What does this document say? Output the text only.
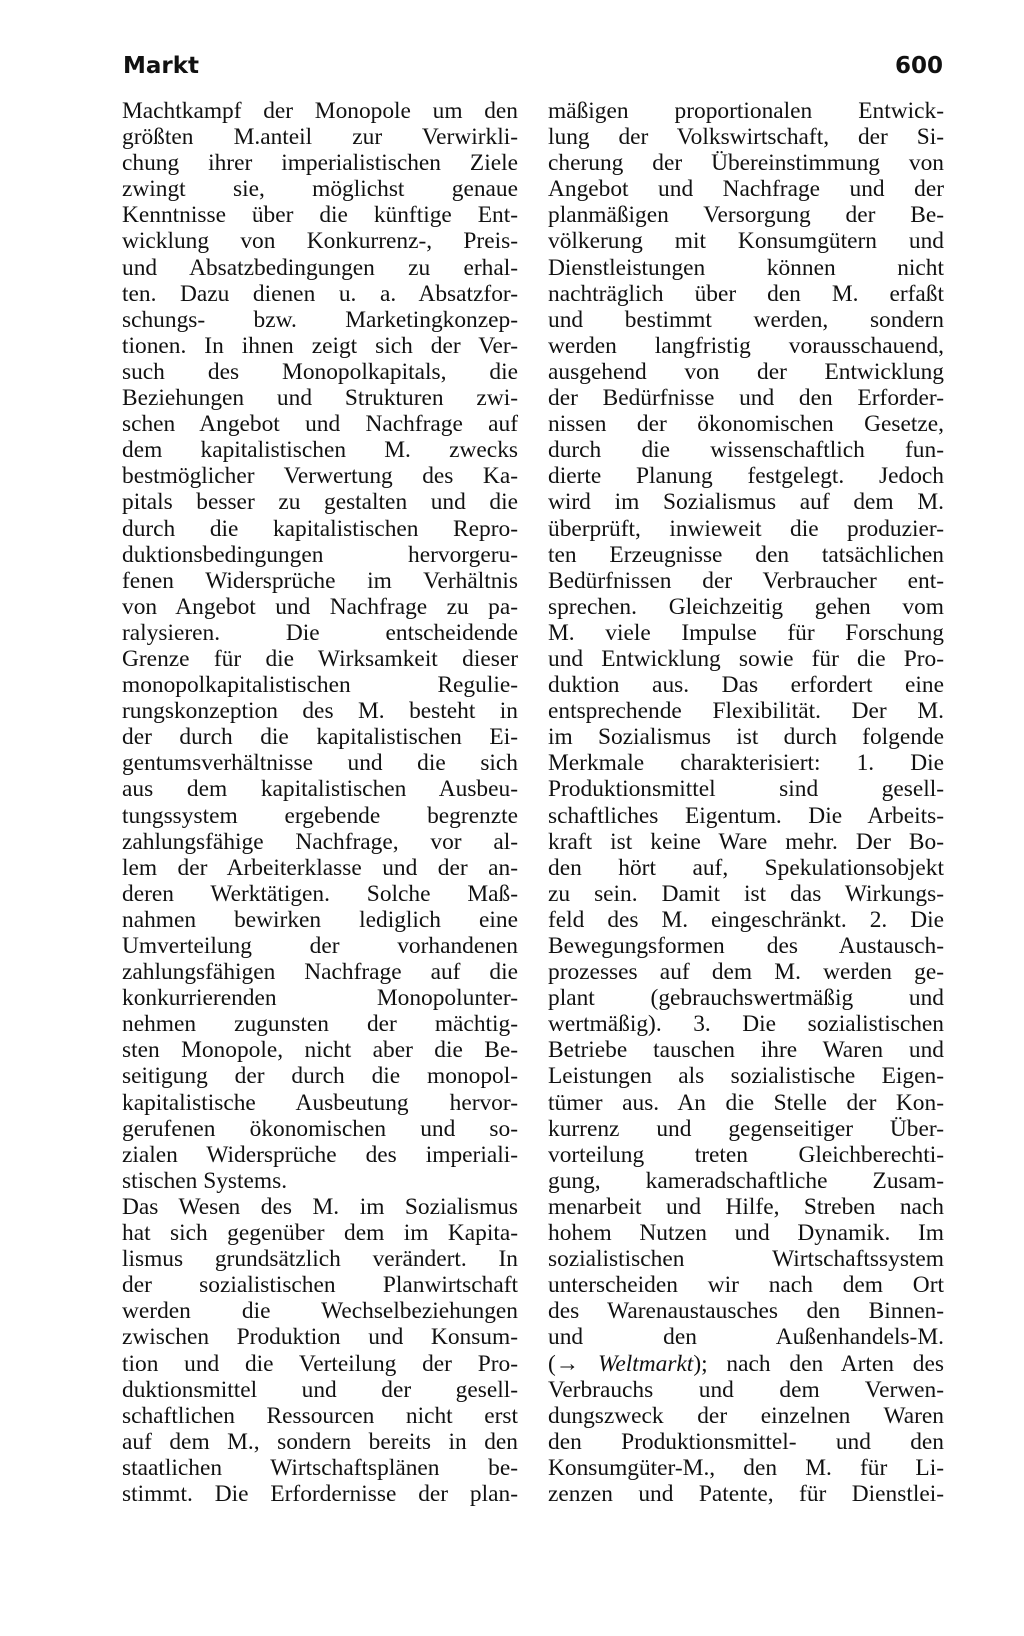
Markt	600
Machtkampf der Monopole um den
größten M.anteil zur Verwirkli-
chung ihrer imperialistischen Ziele
zwingt sie, möglichst genaue
Kenntnisse über die künftige Ent-
wicklung von Konkurrenz-, Preis-
und Absatzbedingungen zu erhal-
ten. Dazu dienen u. a. Absatzfor-
schungs- bzw. Marketingkonzep-
tionen. In ihnen zeigt sich der Ver-
such des Monopolkapitals, die
Beziehungen und Strukturen zwi-
schen Angebot und Nachfrage auf
dem kapitalistischen M. zwecks
bestmöglicher Verwertung des Ka-
pitals besser zu gestalten und die
durch die kapitalistischen Repro-
duktionsbedingungen hervorgeru-
fenen Widersprüche im Verhältnis
von Angebot und Nachfrage zu pa-
ralysieren. Die entscheidende
Grenze für die Wirksamkeit dieser
monopolkapitalistischen Regulie-
rungskonzeption des M. besteht in
der durch die kapitalistischen Ei-
gentumsverhältnisse und die sich
aus dem kapitalistischen Ausbeu-
tungssystem ergebende begrenzte
zahlungsfähige Nachfrage, vor al-
lem der Arbeiterklasse und der an-
deren Werktätigen. Solche Maß-
nahmen bewirken lediglich eine
Umverteilung der vorhandenen
zahlungsfähigen Nachfrage auf die
konkurrierenden Monopolunter-
nehmen zugunsten der mächtig-
sten Monopole, nicht aber die Be-
seitigung der durch die monopol-
kapitalistische Ausbeutung hervor-
gerufenen ökonomischen und so-
zialen Widersprüche des imperiali-
stischen Systems.
Das Wesen des M. im Sozialismus
hat sich gegenüber dem im Kapita-
lismus grundsätzlich verändert. In
der sozialistischen Planwirtschaft
werden die Wechselbeziehungen
zwischen Produktion und Konsum-
tion und die Verteilung der Pro-
duktionsmittel und der gesell-
schaftlichen Ressourcen nicht erst
auf dem M., sondern bereits in den
staatlichen Wirtschaftsplänen be-
stimmt. Die Erfordernisse der plan-
mäßigen proportionalen Entwick-
lung der Volkswirtschaft, der Si-
cherung der Übereinstimmung von
Angebot und Nachfrage und der
planmäßigen Versorgung der Be-
völkerung mit Konsumgütern und
Dienstleistungen können nicht
nachträglich über den M. erfaßt
und bestimmt werden, sondern
werden langfristig vorausschauend,
ausgehend von der Entwicklung
der Bedürfnisse und den Erforder-
nissen der ökonomischen Gesetze,
durch die wissenschaftlich fun-
dierte Planung festgelegt. Jedoch
wird im Sozialismus auf dem M.
überprüft, inwieweit die produzier-
ten Erzeugnisse den tatsächlichen
Bedürfnissen der Verbraucher ent-
sprechen. Gleichzeitig gehen vom
M. viele Impulse für Forschung
und Entwicklung sowie für die Pro-
duktion aus. Das erfordert eine
entsprechende Flexibilität. Der M.
im Sozialismus ist durch folgende
Merkmale charakterisiert: 1. Die
Produktionsmittel sind gesell-
schaftliches Eigentum. Die Arbeits-
kraft ist keine Ware mehr. Der Bo-
den hört auf, Spekulationsobjekt
zu sein. Damit ist das Wirkungs-
feld des M. eingeschränkt. 2. Die
Bewegungsformen des Austausch-
prozesses auf dem M. werden ge-
plant (gebrauchswertmäßig und
wertmäßig). 3. Die sozialistischen
Betriebe tauschen ihre Waren und
Leistungen als sozialistische Eigen-
tümer aus. An die Stelle der Kon-
kurrenz und gegenseitiger Über-
vorteilung treten Gleichberechti-
gung, kameradschaftliche Zusam-
menarbeit und Hilfe, Streben nach
hohem Nutzen und Dynamik. Im
sozialistischen Wirtschaftssystem
unterscheiden wir nach dem Ort
des Warenaustausches den Binnen-
und den Außenhandels-M.
(→ Weltmarkt); nach den Arten des
Verbrauchs und dem Verwen-
dungszweck der einzelnen Waren
den Produktionsmittel- und den
Konsumgüter-M., den M. für Li-
zenzen und Patente, für Dienstlei-
